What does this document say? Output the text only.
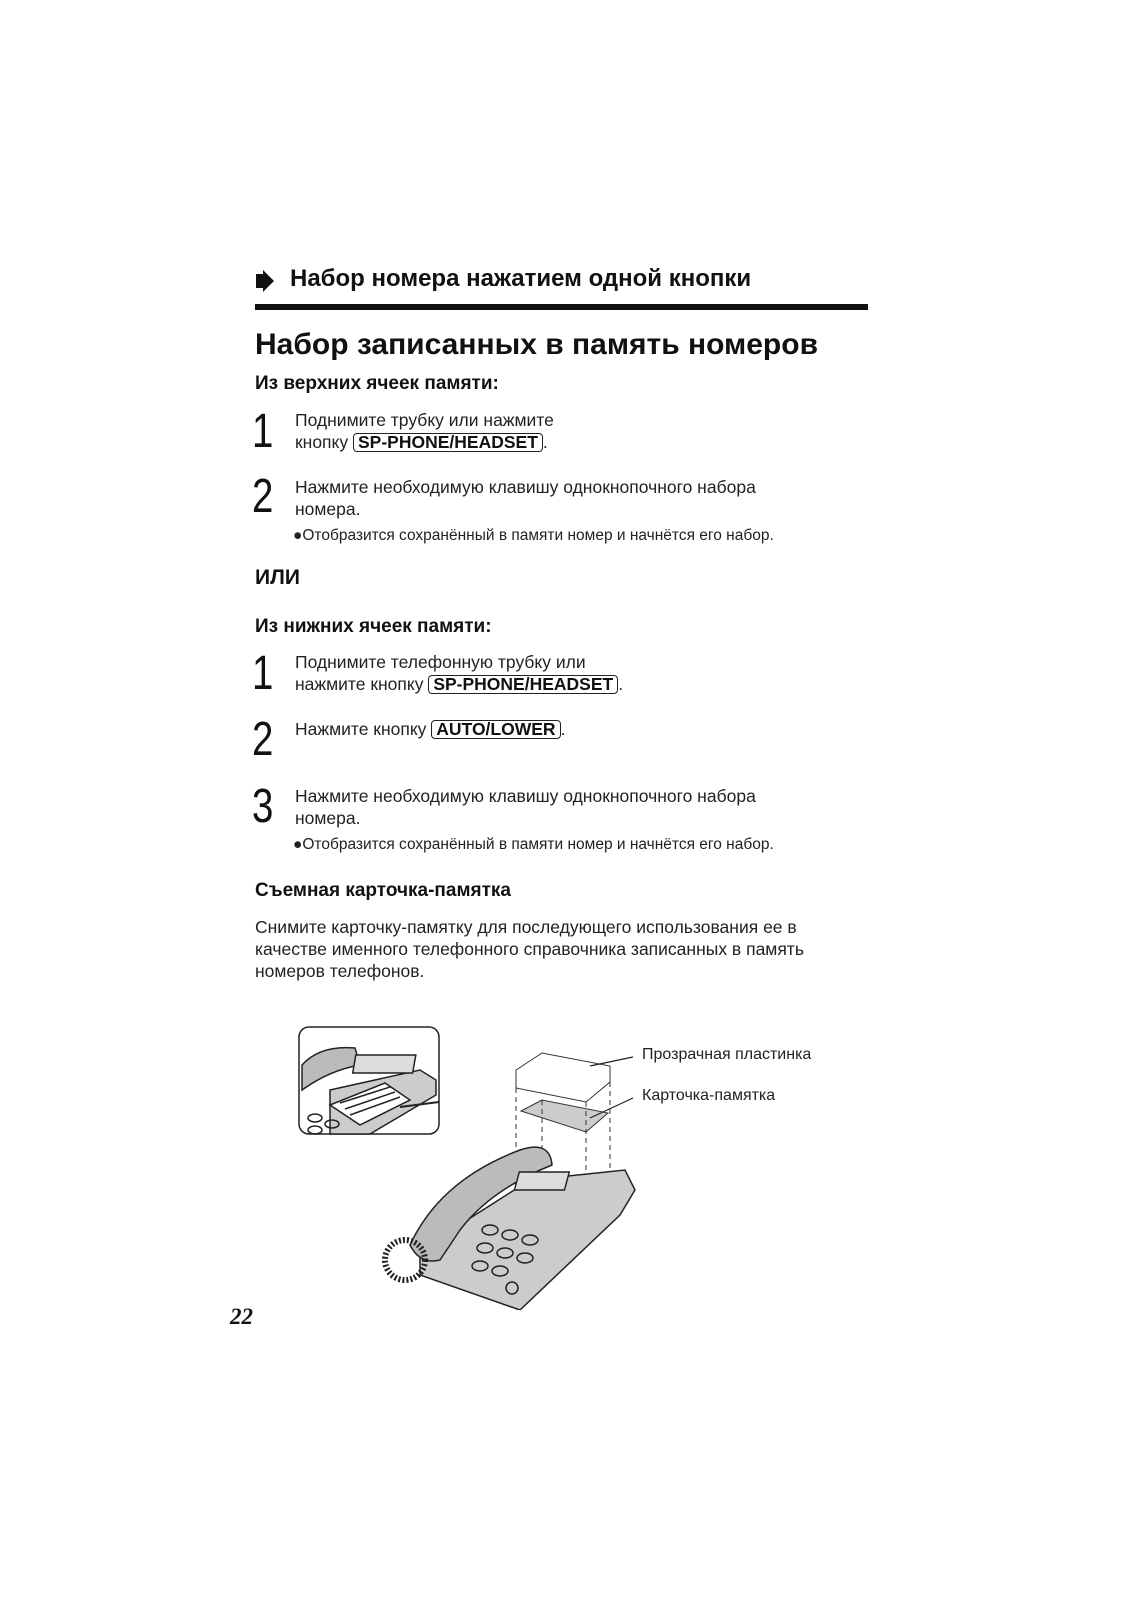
Набор номера нажатием одной кнопки
Набор записанных в память номеров
Из верхних ячеек памяти:
1 Поднимите трубку или нажмите
кнопку SP-PHONE/HEADSET .
2 Нажмите необходимую клавишу однокнопочного набора
номера.
●Отобразится сохранённый в памяти номер и начнётся его набор.
ИЛИ
Из нижних ячеек памяти:
1 Поднимите телефонную трубку или
нажмите кнопку SP-PHONE/HEADSET .
2 Нажмите кнопку AUTO/LOWER .
3 Нажмите необходимую клавишу однокнопочного набора
номера.
●Отобразится сохранённый в памяти номер и начнётся его набор.
Съемная карточка-памятка
Снимите карточку-памятку для последующего использования ее в
качестве именного телефонного справочника записанных в память
номеров телефонов.
Прозрачная пластинка
Карточка-памятка
22
